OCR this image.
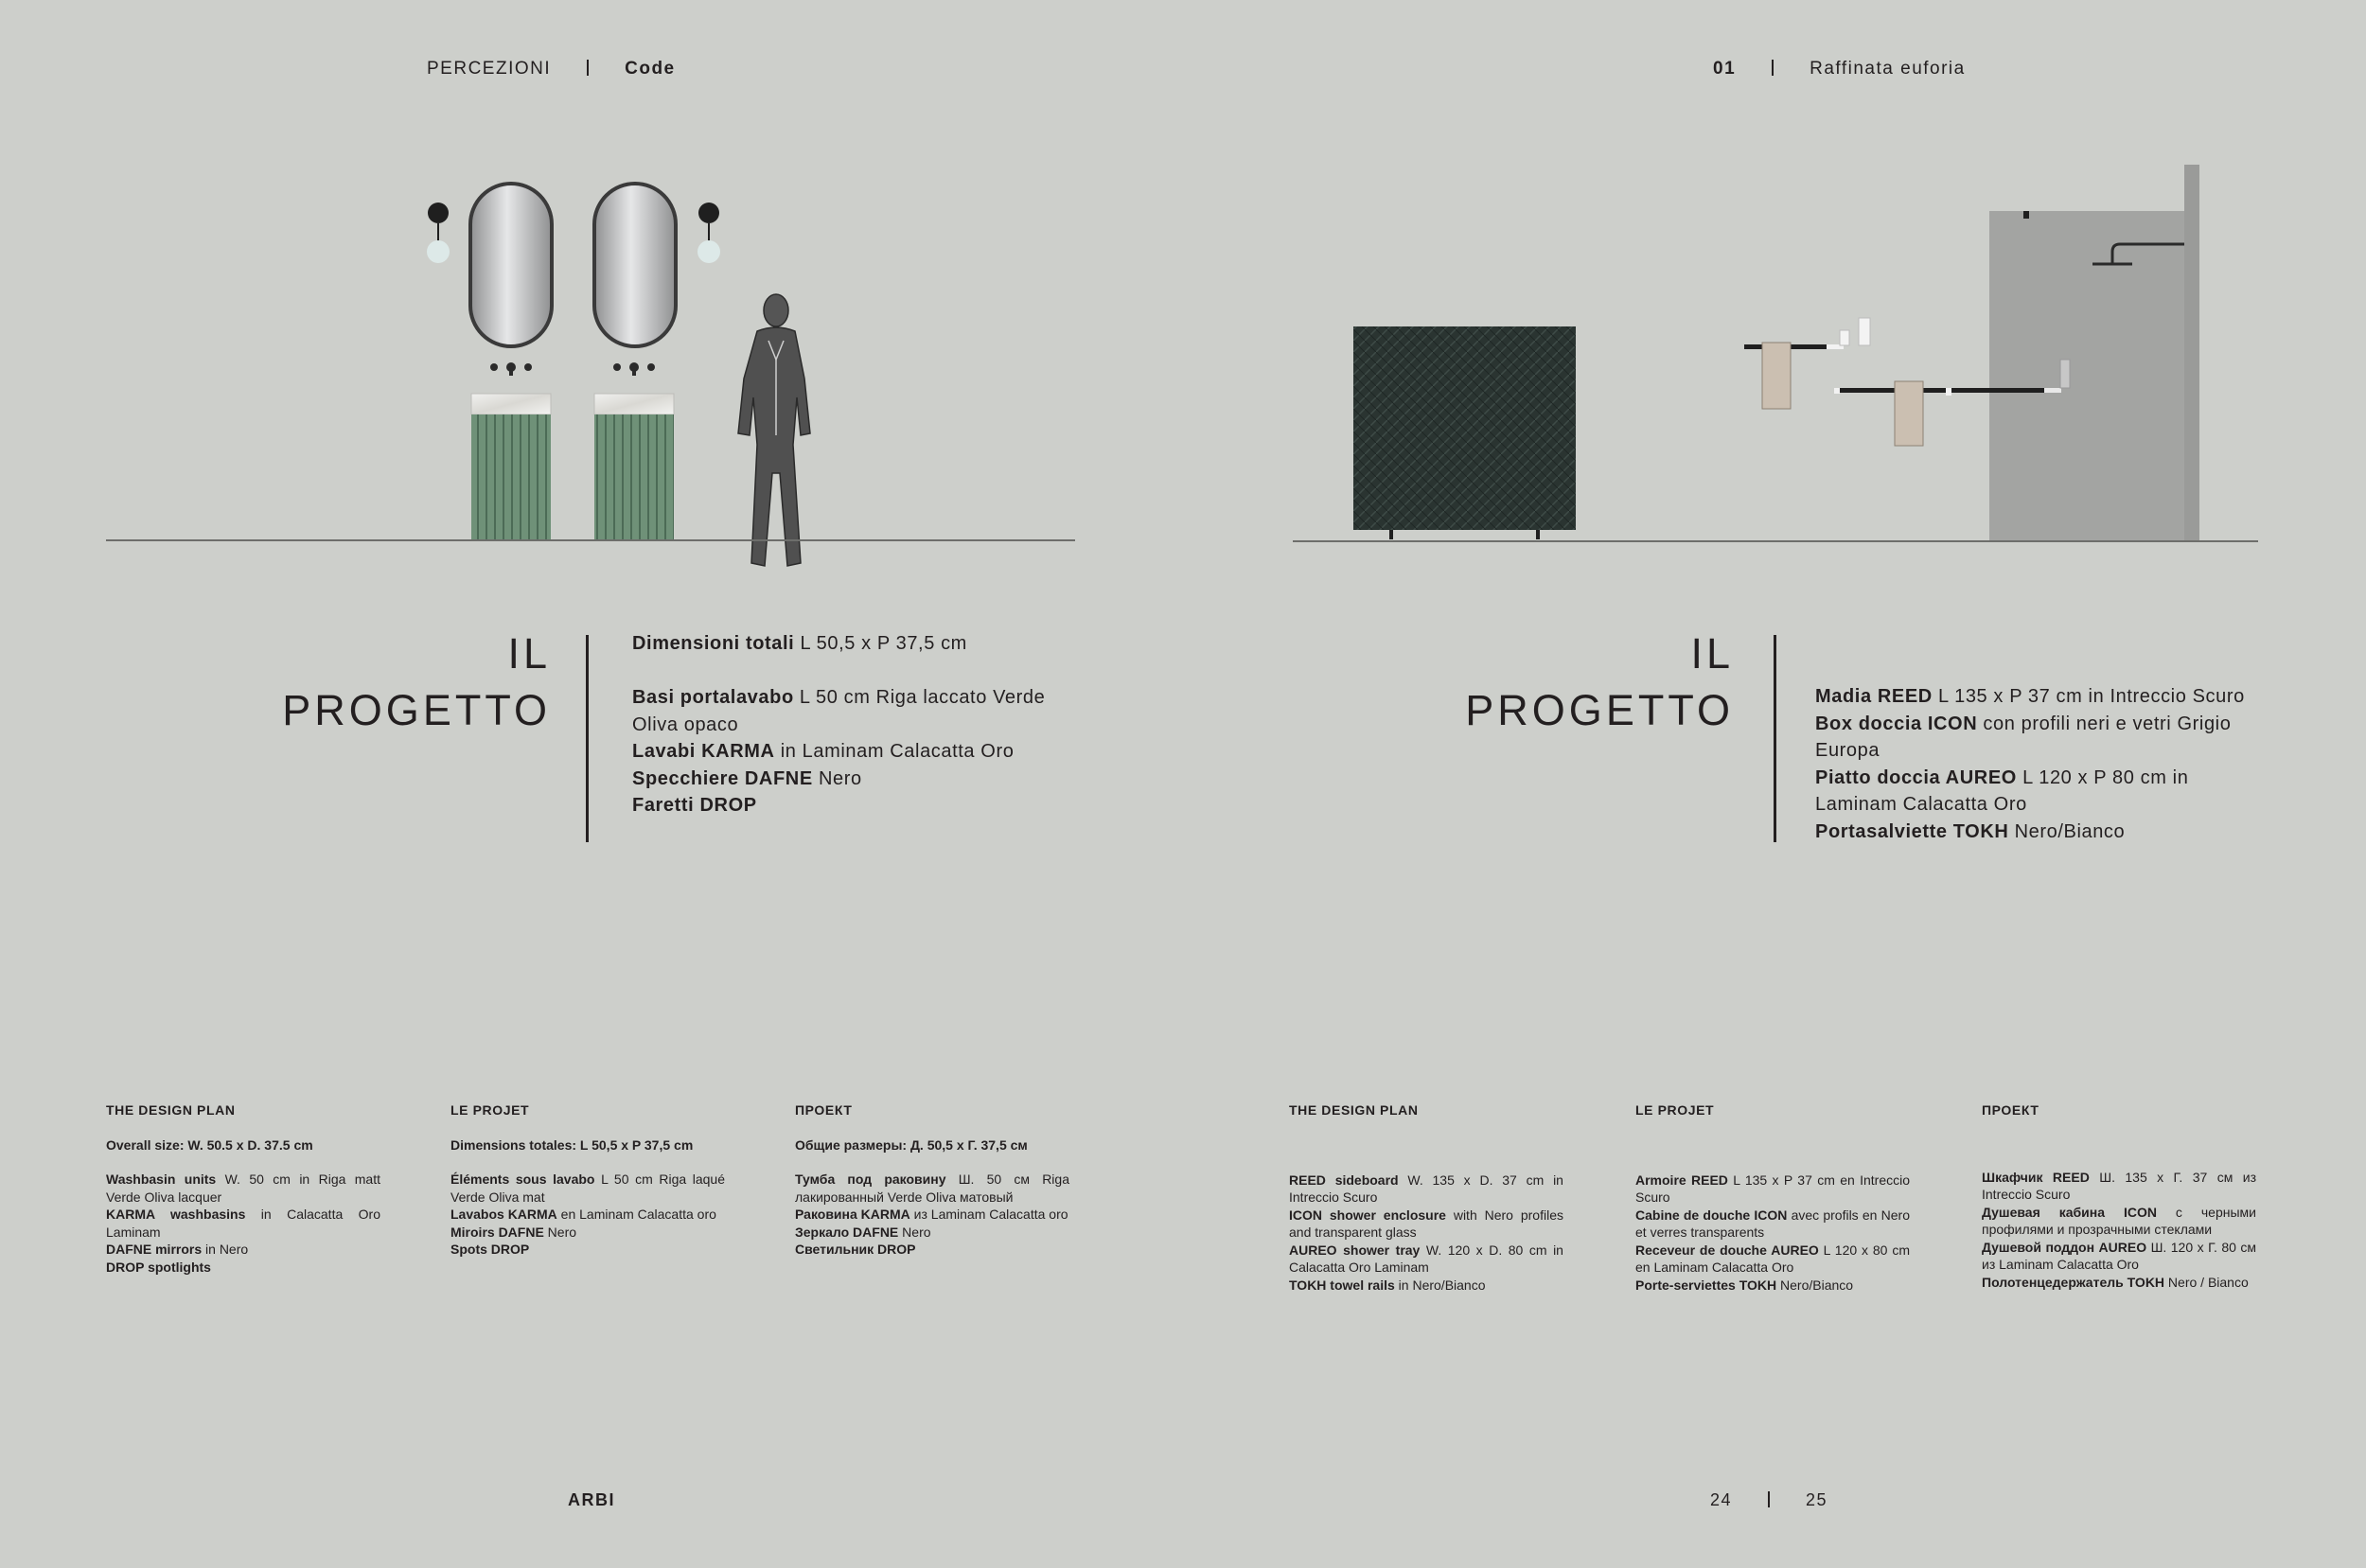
PERCEZIONI	Code	01	Raffinata euforia
IL
PROGETTO
Dimensioni totali L 50,5 x P 37,5 cm
Basi portalavabo L 50 cm Riga laccato Verde Oliva opaco
Lavabi KARMA in Laminam Calacatta Oro
Specchiere DAFNE Nero
Faretti DROP
IL
PROGETTO	Madia REED L 135 x P 37 cm in Intreccio Scuro
Box doccia ICON con profili neri e vetri Grigio Europa
Piatto doccia AUREO L 120 x P 80 cm in Laminam Calacatta Oro
Portasalviette TOKH Nero/Bianco
THE DESIGN PLAN
Overall size: W. 50.5 x D. 37.5 cm

Washbasin units W. 50 cm in Riga matt Verde Oliva lacquer

KARMA washbasins in Calacatta Oro Laminam

DAFNE mirrors in Nero

DROP spotlights

LE PROJET
Dimensions totales: L 50,5 x P 37,5 cm

Éléments sous lavabo L 50 cm Riga laqué Verde Oliva mat

Lavabos KARMA en Laminam Calacatta oro

Miroirs DAFNE Nero

Spots DROP

ПРОЕКТ
Общие размеры: Д. 50,5 х Г. 37,5 см

Тумба под раковину Ш. 50 см Riga лакированный Verde Oliva матовый

Раковина KARMA из Laminam Calacatta oro

Зеркало DAFNE Nero

Светильник DROP

THE DESIGN PLAN

REED sideboard W. 135 x D. 37 cm in Intreccio Scuro

ICON shower enclosure with Nero profiles and transparent glass

AUREO shower tray W. 120 x D. 80 cm in Calacatta Oro Laminam

TOKH towel rails in Nero/Bianco

LE PROJET

Armoire REED L 135 x P 37 cm en Intreccio Scuro

Cabine de douche ICON avec profils en Nero et verres transparents

Receveur de douche AUREO L 120 x 80 cm en Laminam Calacatta Oro

Porte-serviettes TOKH Nero/Bianco

ПРОЕКТ

Шкафчик REED Ш. 135 х Г. 37 см из Intreccio Scuro

Душевая кабина ICON с черными профилями и прозрачными стеклами

Душевой поддон AUREO Ш. 120 х Г. 80 см из Laminam Calacatta Oro

Полотенцедержатель TOKH Nero / Bianco

ARBI	24	25
